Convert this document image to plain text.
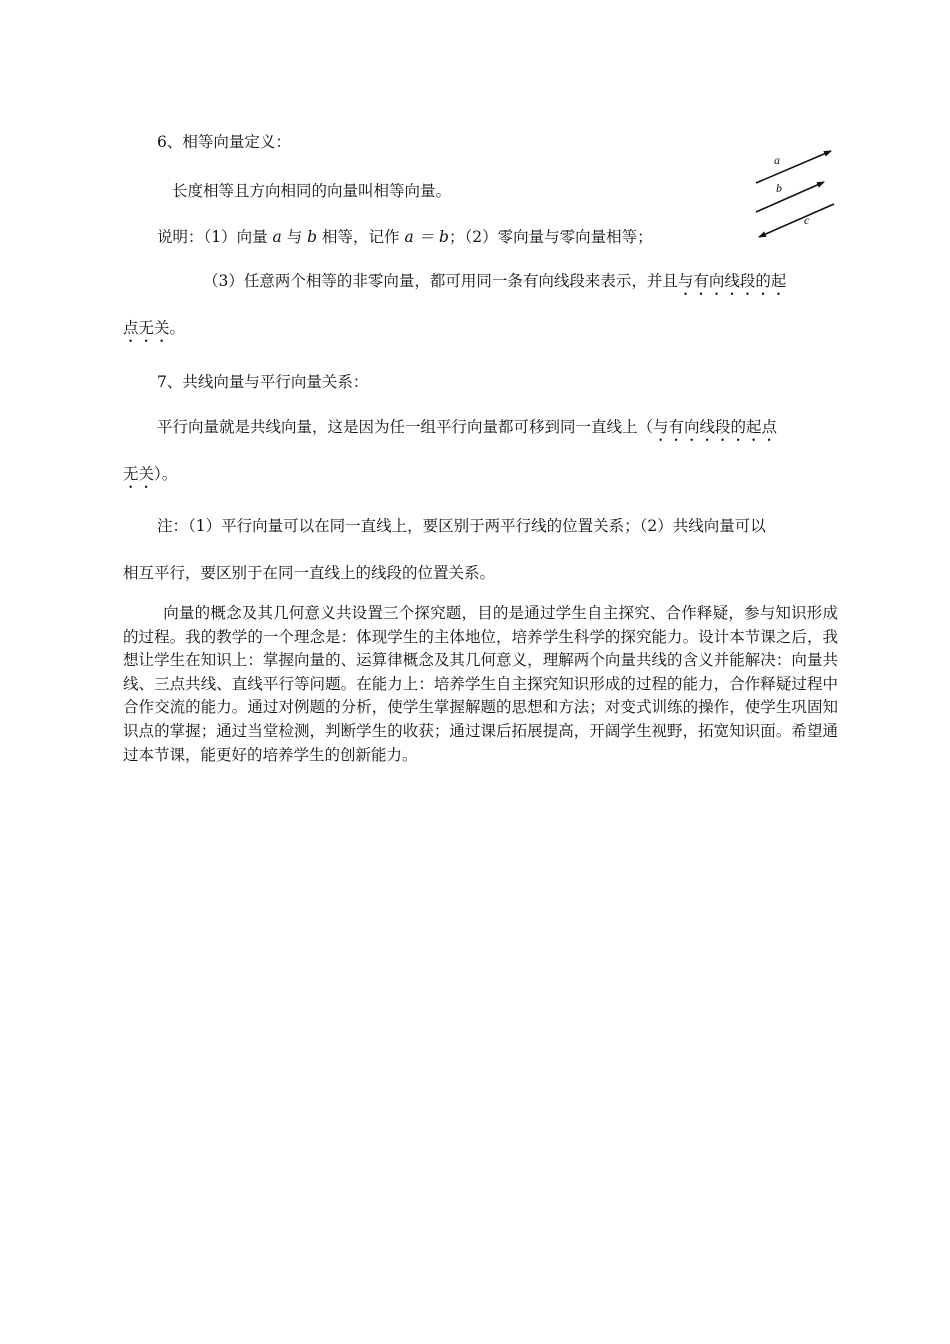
6、相等向量定义：
长度相等且方向相同的向量叫相等向量。
说明：（1）向量 a 与 b 相等，记作 a ＝ b；（2）零向量与零向量相等；
（3）任意两个相等的非零向量，都可用同一条有向线段来表示，并且与有向线段的起
点无关。
a
b
c
7、共线向量与平行向量关系：
平行向量就是共线向量，这是因为任一组平行向量都可移到同一直线上（与有向线段的起点
无关）。
注：（1）平行向量可以在同一直线上，要区别于两平行线的位置关系；（2）共线向量可以
相互平行，要区别于在同一直线上的线段的位置关系。

向量的概念及其几何意义共设置三个探究题，目的是通过学生自主探究、合作释疑，参与知识形成的过程。我的教学的一个理念是：体现学生的主体地位，培养学生科学的探究能力。设计本节课之后，我想让学生在知识上：掌握向量的、运算律概念及其几何意义，理解两个向量共线的含义并能解决：向量共线、三点共线、直线平行等问题。在能力上：培养学生自主探究知识形成的过程的能力，合作释疑过程中合作交流的能力。通过对例题的分析，使学生掌握解题的思想和方法；对变式训练的操作，使学生巩固知识点的掌握；通过当堂检测，判断学生的收获；通过课后拓展提高，开阔学生视野，拓宽知识面。希望通过本节课，能更好的培养学生的创新能力。
